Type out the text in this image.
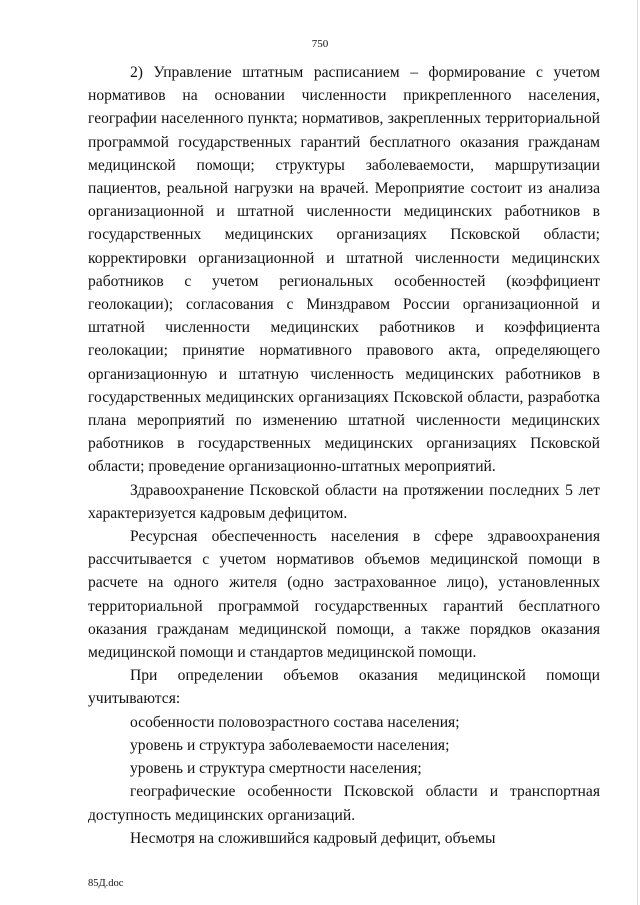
750

2) Управление штатным расписанием – формирование с учетом нормативов на основании численности прикрепленного населения, географии населенного пункта; нормативов, закрепленных территориальной программой государственных гарантий бесплатного оказания гражданам медицинской помощи; структуры заболеваемости, маршрутизации пациентов, реальной нагрузки на врачей. Мероприятие состоит из анализа организационной и штатной численности медицинских работников в государственных медицинских организациях Псковской области; корректировки организационной и штатной численности медицинских работников с учетом региональных особенностей (коэффициент геолокации); согласования с Минздравом России организационной и штатной численности медицинских работников и коэффициента геолокации; принятие нормативного правового акта, определяющего организационную и штатную численность медицинских работников в государственных медицинских организациях Псковской области, разработка плана мероприятий по изменению штатной численности медицинских работников в государственных медицинских организациях Псковской области; проведение организационно-штатных мероприятий.

Здравоохранение Псковской области на протяжении последних 5 лет характеризуется кадровым дефицитом.

Ресурсная обеспеченность населения в сфере здравоохранения рассчитывается с учетом нормативов объемов медицинской помощи в расчете на одного жителя (одно застрахованное лицо), установленных территориальной программой государственных гарантий бесплатного оказания гражданам медицинской помощи, а также порядков оказания медицинской помощи и стандартов медицинской помощи.

При определении объемов оказания медицинской помощи учитываются:

особенности половозрастного состава населения;

уровень и структура заболеваемости населения;

уровень и структура смертности населения;

географические особенности Псковской области и транспортная доступность медицинских организаций.

Несмотря на сложившийся кадровый дефицит, объемы

85Д.doc
